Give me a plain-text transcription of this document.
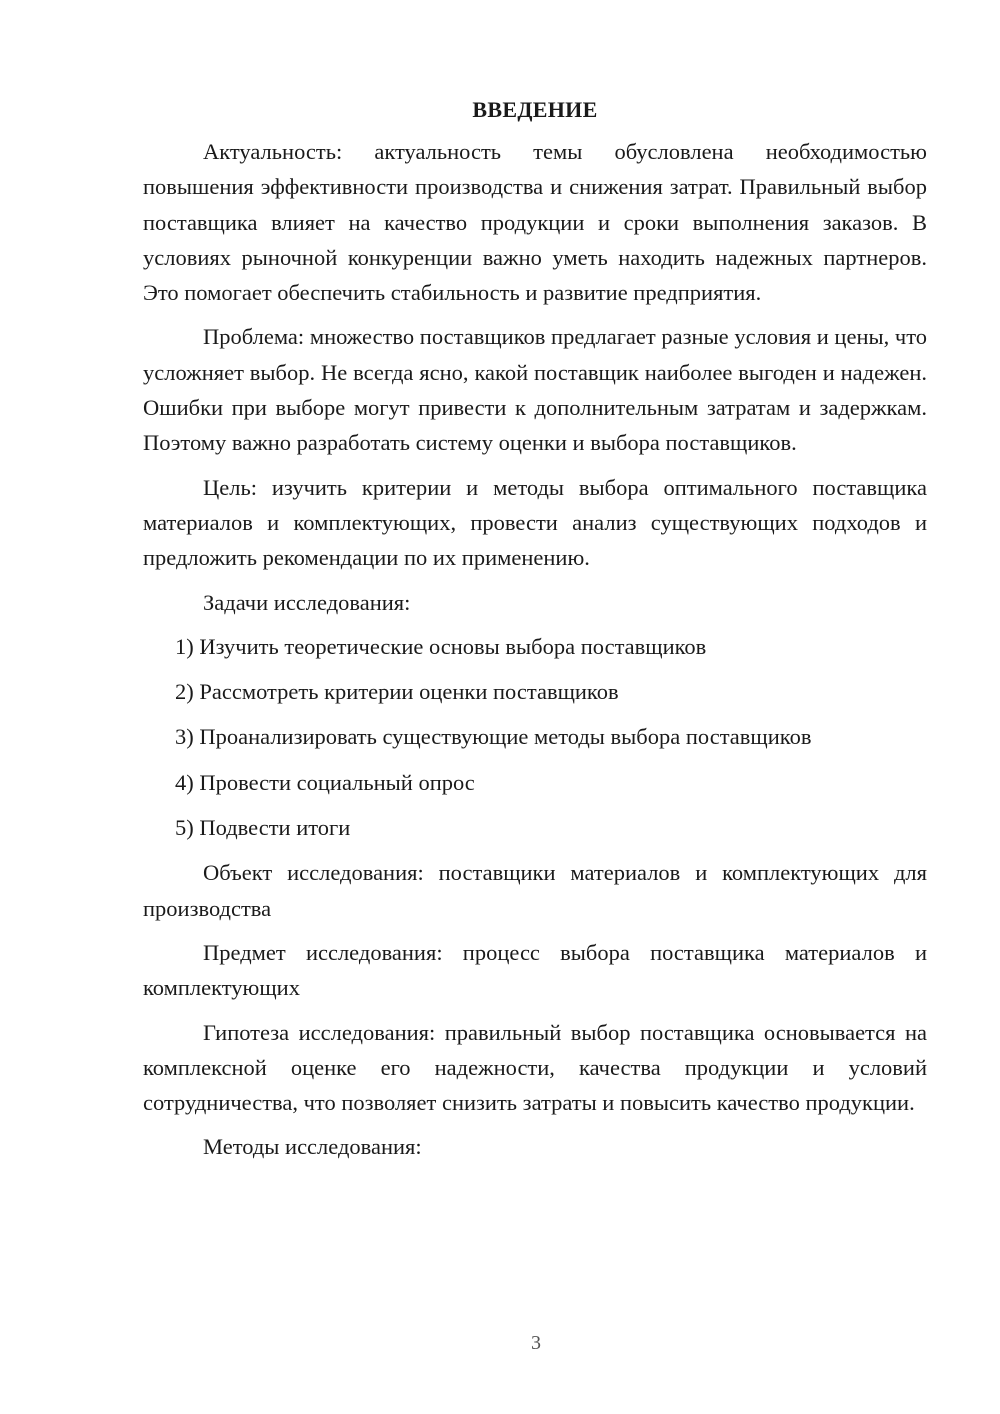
ВВЕДЕНИЕ

Актуальность: актуальность темы обусловлена необходимостью повышения эффективности производства и снижения затрат. Правильный выбор поставщика влияет на качество продукции и сроки выполнения заказов. В условиях рыночной конкуренции важно уметь находить надежных партнеров. Это помогает обеспечить стабильность и развитие предприятия.

Проблема: множество поставщиков предлагает разные условия и цены, что усложняет выбор. Не всегда ясно, какой поставщик наиболее выгоден и надежен. Ошибки при выборе могут привести к дополнительным затратам и задержкам. Поэтому важно разработать систему оценки и выбора поставщиков.

Цель: изучить критерии и методы выбора оптимального поставщика материалов и комплектующих, провести анализ существующих подходов и предложить рекомендации по их применению.

Задачи исследования:

1) Изучить теоретические основы выбора поставщиков
2) Рассмотреть критерии оценки поставщиков
3) Проанализировать существующие методы выбора поставщиков
4) Провести социальный опрос
5) Подвести итоги

Объект исследования: поставщики материалов и комплектующих для производства

Предмет исследования: процесс выбора поставщика материалов и комплектующих

Гипотеза исследования: правильный выбор поставщика основывается на комплексной оценке его надежности, качества продукции и условий сотрудничества, что позволяет снизить затраты и повысить качество продукции.

Методы исследования:

3
